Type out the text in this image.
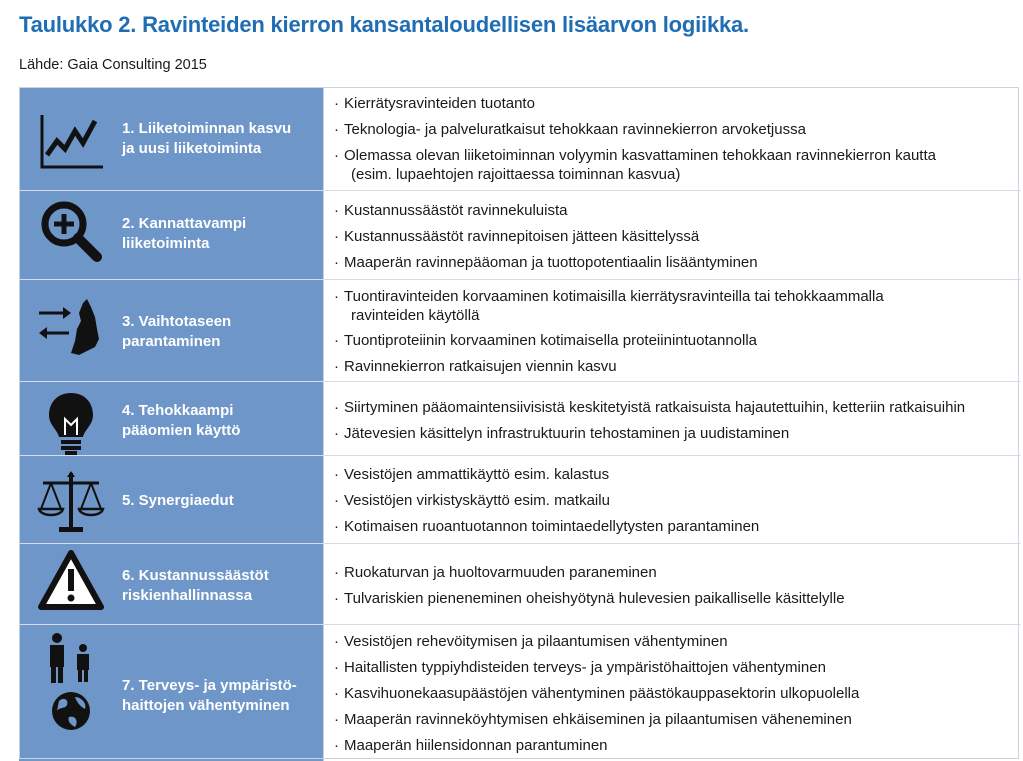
Taulukko 2. Ravinteiden kierron kansantaloudellisen lisäarvon logiikka.
Lähde: Gaia Consulting 2015
1. Liiketoiminnan kasvu
ja uusi liiketoiminta
· Kierrätysravinteiden tuotanto
· Teknologia- ja palveluratkaisut tehokkaan ravinnekierron arvoketjussa
· Olemassa olevan liiketoiminnan volyymin kasvattaminen tehokkaan ravinnekierron kautta
(esim. lupaehtojen rajoittaessa toiminnan kasvua)
2. Kannattavampi
liiketoiminta
· Kustannussäästöt ravinnekuluista
· Kustannussäästöt ravinnepitoisen jätteen käsittelyssä
· Maaperän ravinnepääoman ja tuottopotentiaalin lisääntyminen
3. Vaihtotaseen
parantaminen
· Tuontiravinteiden korvaaminen kotimaisilla kierrätysravinteilla tai tehokkaammalla
ravinteiden käytöllä
· Tuontiproteiinin korvaaminen kotimaisella proteiinintuotannolla
· Ravinnekierron ratkaisujen viennin kasvu
4. Tehokkaampi
pääomien käyttö
· Siirtyminen pääomaintensiivisistä keskitetyistä ratkaisuista hajautettuihin, ketteriin ratkaisuihin
· Jätevesien käsittelyn infrastruktuurin tehostaminen ja uudistaminen
5. Synergiaedut
· Vesistöjen ammattikäyttö esim. kalastus
· Vesistöjen virkistyskäyttö esim. matkailu
· Kotimaisen ruoantuotannon toimintaedellytysten parantaminen
6. Kustannussäästöt
riskienhallinnassa
· Ruokaturvan ja huoltovarmuuden paraneminen
· Tulvariskien pieneneminen oheishyötynä hulevesien paikalliselle käsittelylle
7. Terveys- ja ympäristö-
haittojen vähentyminen
· Vesistöjen rehevöitymisen ja pilaantumisen vähentyminen
· Haitallisten typpiyhdisteiden terveys- ja ympäristöhaittojen vähentyminen
· Kasvihuonekaasupäästöjen vähentyminen päästökauppasektorin ulkopuolella
· Maaperän ravinneköyhtymisen ehkäiseminen ja pilaantumisen väheneminen
· Maaperän hiilensidonnan parantuminen
